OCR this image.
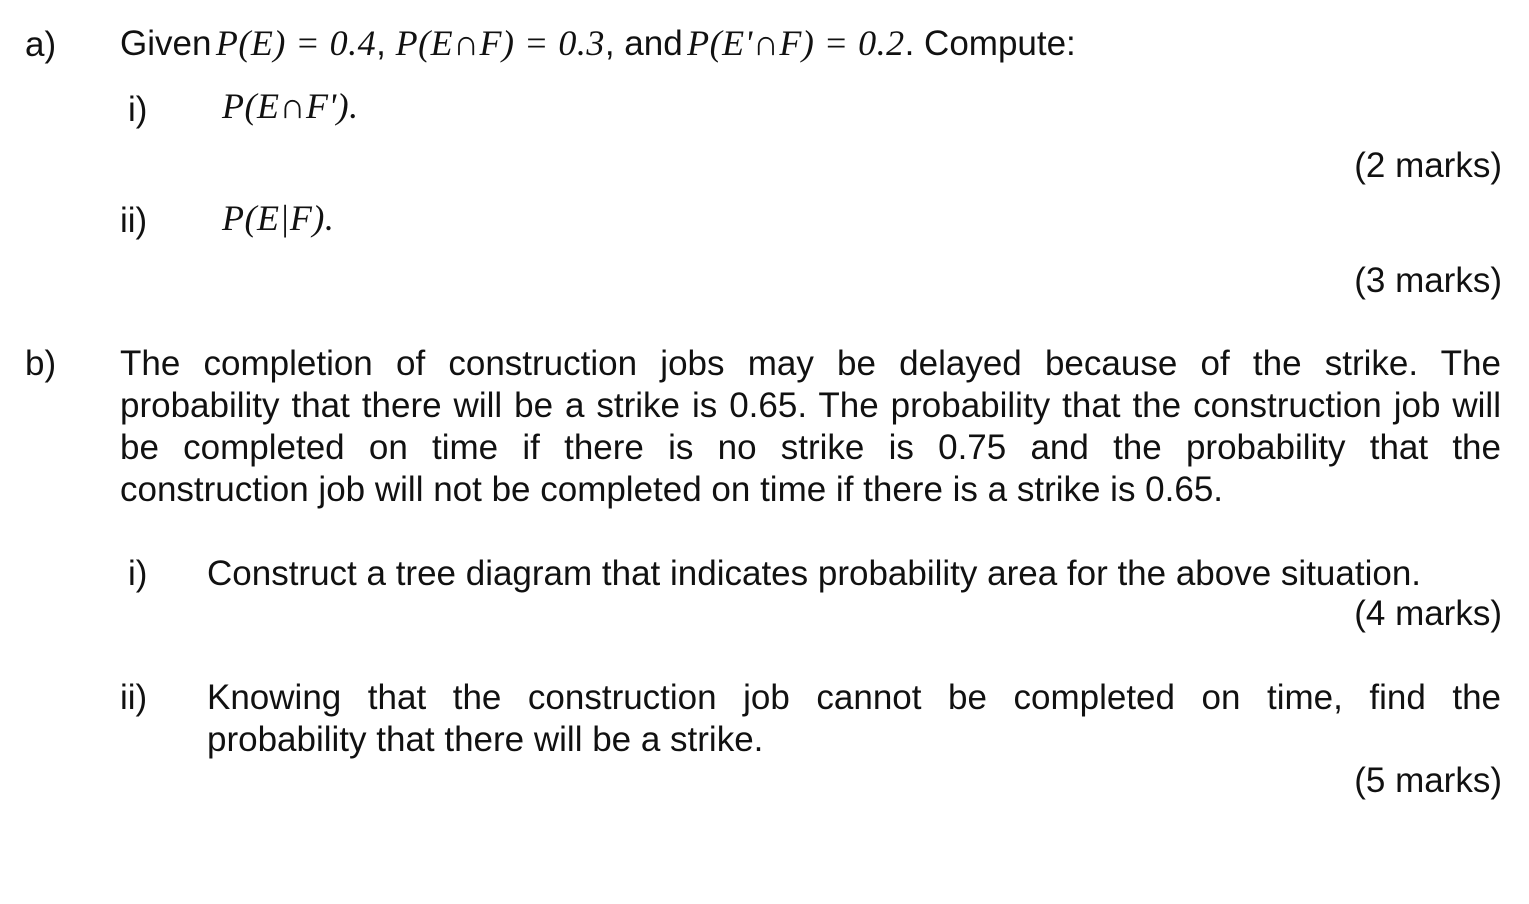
a) Given P(E) = 0.4, P(E∩F) = 0.3, and P(E'∩F) = 0.2. Compute:
i) P(E∩F').
(2 marks)
ii) P(E|F).
(3 marks)
b) The completion of construction jobs may be delayed because of the strike. The
probability that there will be a strike is 0.65. The probability that the construction job will
be completed on time if there is no strike is 0.75 and the probability that the
construction job will not be completed on time if there is a strike is 0.65.
i) Construct a tree diagram that indicates probability area for the above situation.
(4 marks)
ii) Knowing that the construction job cannot be completed on time, find the
probability that there will be a strike.
(5 marks)
